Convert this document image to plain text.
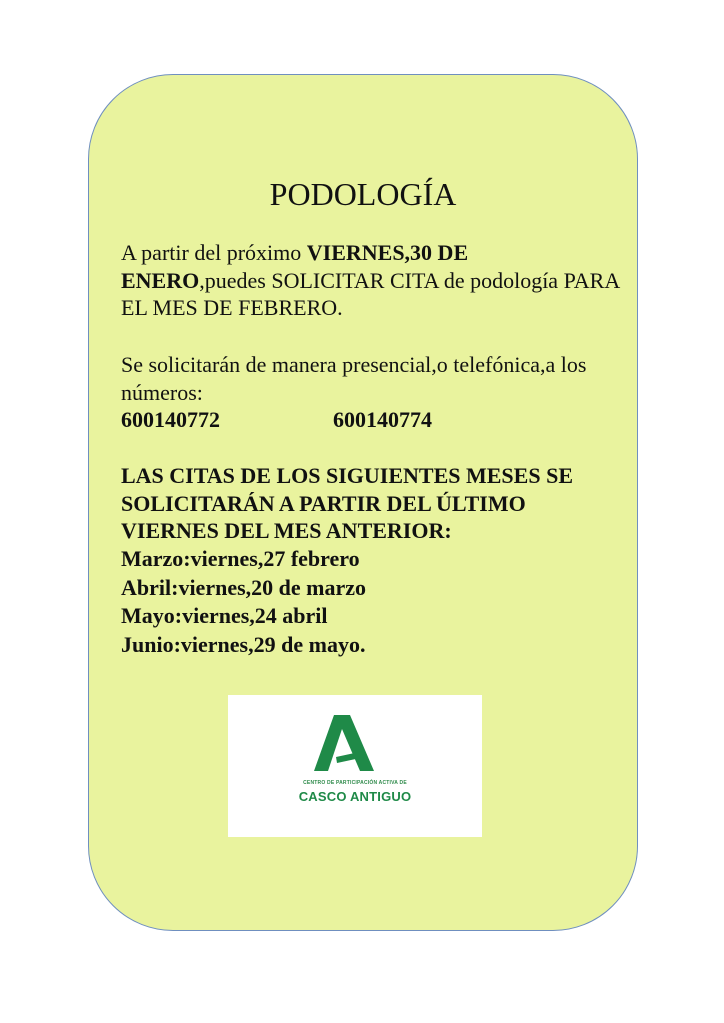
PODOLOGÍA
A partir del próximo VIERNES,30 DE
ENERO,puedes SOLICITAR CITA de podología PARA EL MES DE FEBRERO.
Se solicitarán de manera presencial,o telefónica,a los números:
600140772	600140774
LAS CITAS DE LOS SIGUIENTES MESES SE SOLICITARÁN A PARTIR DEL ÚLTIMO VIERNES DEL MES ANTERIOR:
Marzo:viernes,27 febrero
Abril:viernes,20 de marzo
Mayo:viernes,24 abril
Junio:viernes,29 de mayo.
CENTRO DE PARTICIPACIÓN ACTIVA DE
CASCO ANTIGUO
